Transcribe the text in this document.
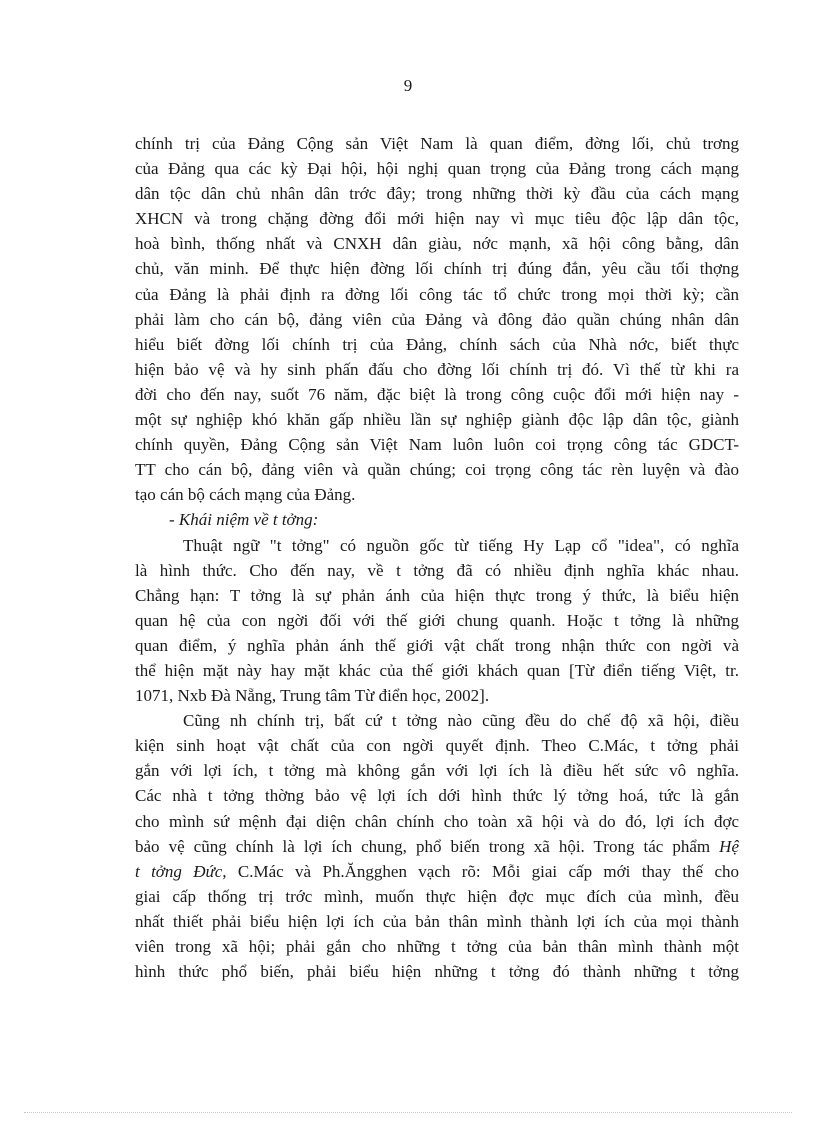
9
chính trị của Đảng Cộng sản Việt Nam là quan điểm, đờng lối, chủ trơng
của Đảng qua các kỳ Đại hội, hội nghị quan trọng của Đảng trong cách mạng
dân tộc dân chủ nhân dân trớc đây; trong những thời kỳ đầu của cách mạng
XHCN và trong chặng đờng đổi mới hiện nay vì mục tiêu độc lập dân tộc,
hoà bình, thống nhất và CNXH dân giàu, nớc mạnh, xã hội công bằng, dân
chủ, văn minh. Để thực hiện đờng lối chính trị đúng đắn, yêu cầu tối thợng
của Đảng là phải định ra đờng lối công tác tổ chức trong mọi thời kỳ; cần
phải làm cho cán bộ, đảng viên của Đảng và đông đảo quần chúng nhân dân
hiểu biết đờng lối chính trị của Đảng, chính sách của Nhà nớc, biết thực
hiện bảo vệ và hy sinh phấn đấu cho đờng lối chính trị đó. Vì thế từ khi ra
đời cho đến nay, suốt 76 năm, đặc biệt là trong công cuộc đổi mới hiện nay -
một sự nghiệp khó khăn gấp nhiều lần sự nghiệp giành độc lập dân tộc, giành
chính quyền, Đảng Cộng sản Việt Nam luôn luôn coi trọng công tác GDCT-
TT cho cán bộ, đảng viên và quần chúng; coi trọng công tác rèn luyện và đào
tạo cán bộ cách mạng của Đảng.
- Khái niệm về t tởng:
Thuật ngữ "t tởng" có nguồn gốc từ tiếng Hy Lạp cổ "idea", có nghĩa
là hình thức. Cho đến nay, về t tởng đã có nhiều định nghĩa khác nhau.
Chẳng hạn: T tởng là sự phản ánh của hiện thực trong ý thức, là biểu hiện
quan hệ của con ngời đối với thế giới chung quanh. Hoặc t tởng là những
quan điểm, ý nghĩa phản ánh thế giới vật chất trong nhận thức con ngời và
thể hiện mặt này hay mặt khác của thế giới khách quan [Từ điển tiếng Việt, tr.
1071, Nxb Đà Nẵng, Trung tâm Từ điển học, 2002].
Cũng nh chính trị, bất cứ t tởng nào cũng đều do chế độ xã hội, điều
kiện sinh hoạt vật chất của con ngời quyết định. Theo C.Mác, t tởng phải
gắn với lợi ích, t tởng mà không gắn với lợi ích là điều hết sức vô nghĩa.
Các nhà t tởng thờng bảo vệ lợi ích dới hình thức lý tởng hoá, tức là gắn
cho mình sứ mệnh đại diện chân chính cho toàn xã hội và do đó, lợi ích đợc
bảo vệ cũng chính là lợi ích chung, phổ biến trong xã hội. Trong tác phẩm Hệ
t tởng Đức, C.Mác và Ph.Ăngghen vạch rõ: Mỗi giai cấp mới thay thế cho
giai cấp thống trị trớc mình, muốn thực hiện đợc mục đích của mình, đều
nhất thiết phải biểu hiện lợi ích của bản thân mình thành lợi ích của mọi thành
viên trong xã hội; phải gắn cho những t tởng của bản thân mình thành một
hình thức phổ biến, phải biểu hiện những t tởng đó thành những t tởng
